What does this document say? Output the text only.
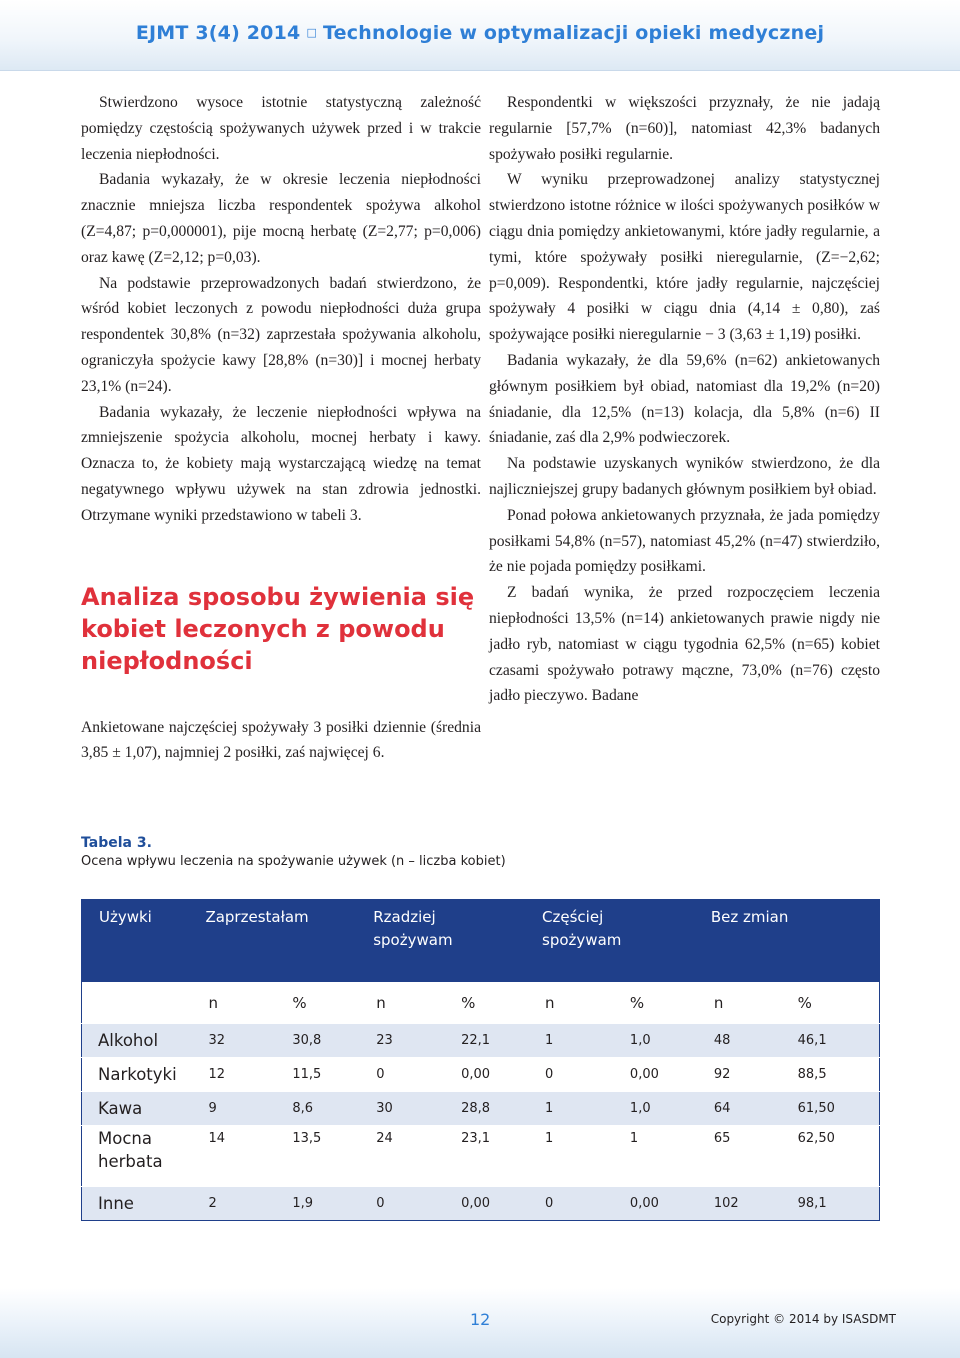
EJMT 3(4) 2014 □ Technologie w optymalizacji opieki medycznej

Stwierdzono wysoce istotnie statystyczną zależność pomiędzy częstością spożywanych używek przed i w trakcie leczenia niepłodności.

Badania wykazały, że w okresie leczenia niepłodności znacznie mniejsza liczba respondentek spożywa alkohol (Z=4,87; p=0,000001), pije mocną herbatę (Z=2,77; p=0,006) oraz kawę (Z=2,12; p=0,03).

Na podstawie przeprowadzonych badań stwierdzono, że wśród kobiet leczonych z powodu niepłodności duża grupa respondentek 30,8% (n=32) zaprzestała spożywania alkoholu, ograniczyła spożycie kawy [28,8% (n=30)] i mocnej herbaty 23,1% (n=24).

Badania wykazały, że leczenie niepłodności wpływa na zmniejszenie spożycia alkoholu, mocnej herbaty i kawy. Oznacza to, że kobiety mają wystarczającą wiedzę na temat negatywnego wpływu używek na stan zdrowia jednostki. Otrzymane wyniki przedstawiono w tabeli 3.

Analiza sposobu żywienia się kobiet leczonych z powodu niepłodności

Ankietowane najczęściej spożywały 3 posiłki dziennie (średnia 3,85 ± 1,07), najmniej 2 posiłki, zaś najwięcej 6.

Respondentki w większości przyznały, że nie jadają regularnie [57,7% (n=60)], natomiast 42,3% badanych spożywało posiłki regularnie.

W wyniku przeprowadzonej analizy statystycznej stwierdzono istotne różnice w ilości spożywanych posiłków w ciągu dnia pomiędzy ankietowanymi, które jadły regularnie, a tymi, które spożywały posiłki nieregularnie, (Z=−2,62; p=0,009). Respondentki, które jadły regularnie, najczęściej spożywały 4 posiłki w ciągu dnia (4,14 ± 0,80), zaś spożywające posiłki nieregularnie − 3 (3,63 ± 1,19) posiłki.

Badania wykazały, że dla 59,6% (n=62) ankietowanych głównym posiłkiem był obiad, natomiast dla 19,2% (n=20) śniadanie, dla 12,5% (n=13) kolacja, dla 5,8% (n=6) II śniadanie, zaś dla 2,9% podwieczorek.

Na podstawie uzyskanych wyników stwierdzono, że dla najliczniejszej grupy badanych głównym posiłkiem był obiad.

Ponad połowa ankietowanych przyznała, że jada pomiędzy posiłkami 54,8% (n=57), natomiast 45,2% (n=47) stwierdziło, że nie pojada pomiędzy posiłkami.

Z badań wynika, że przed rozpoczęciem leczenia niepłodności 13,5% (n=14) ankietowanych prawie nigdy nie jadło ryb, natomiast w ciągu tygodnia 62,5% (n=65) kobiet czasami spożywało potrawy mączne, 73,0% (n=76) często jadło pieczywo. Badane

Tabela 3.
Ocena wpływu leczenia na spożywanie używek (n – liczba kobiet)
Używki	Zaprzestałam		Rzadziej spożywam		Częściej spożywam		Bez zmian	
	n	%	n	%	n	%	n	%
Alkohol	32	30,8	23	22,1	1	1,0	48	46,1
Narkotyki	12	11,5	0	0,00	0	0,00	92	88,5
Kawa	9	8,6	30	28,8	1	1,0	64	61,50
Mocna herbata	14	13,5	24	23,1	1	1	65	62,50
Inne	2	1,9	0	0,00	0	0,00	102	98,1
12	Copyright © 2014 by ISASDMT
